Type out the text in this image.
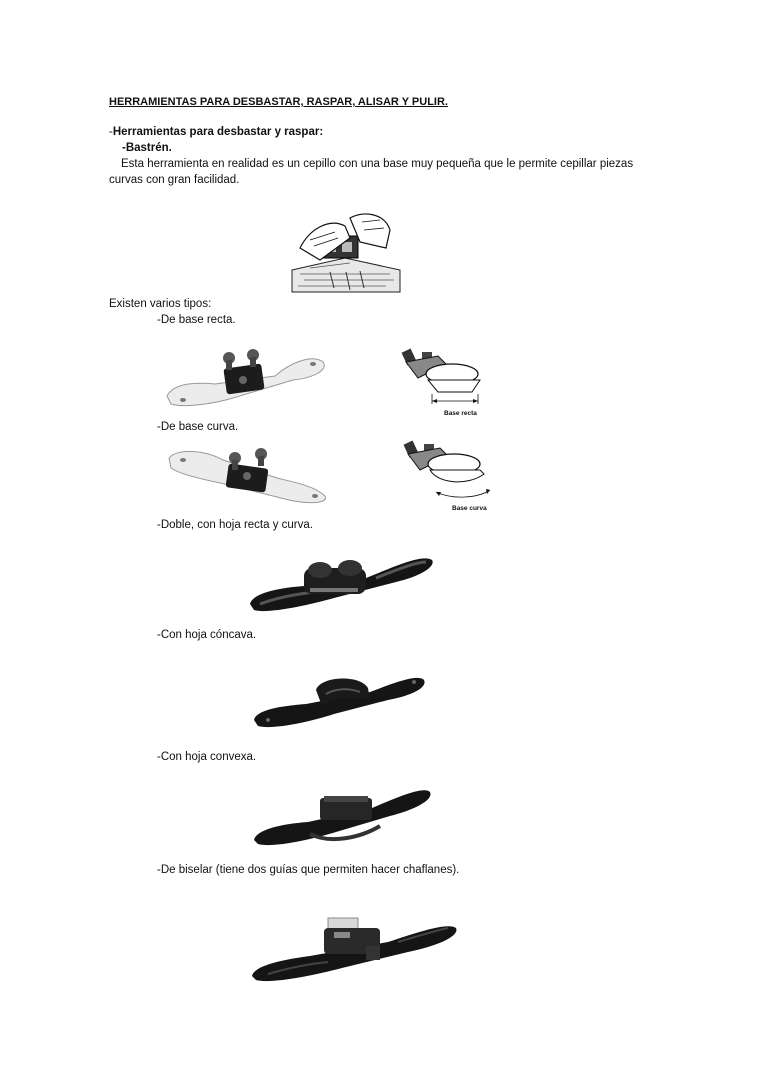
HERRAMIENTAS PARA DESBASTAR, RASPAR, ALISAR Y PULIR.
-Herramientas para desbastar y raspar:
-Bastrén.
Esta herramienta en realidad es un cepillo con una base muy pequeña que le permite cepillar piezas curvas con gran facilidad.
Existen varios tipos:
-De base recta.
Base recta
-De base curva.
Base curva
-Doble, con hoja recta y curva.
-Con hoja cóncava.
-Con hoja convexa.
-De biselar (tiene dos guías que permiten hacer chaflanes).
